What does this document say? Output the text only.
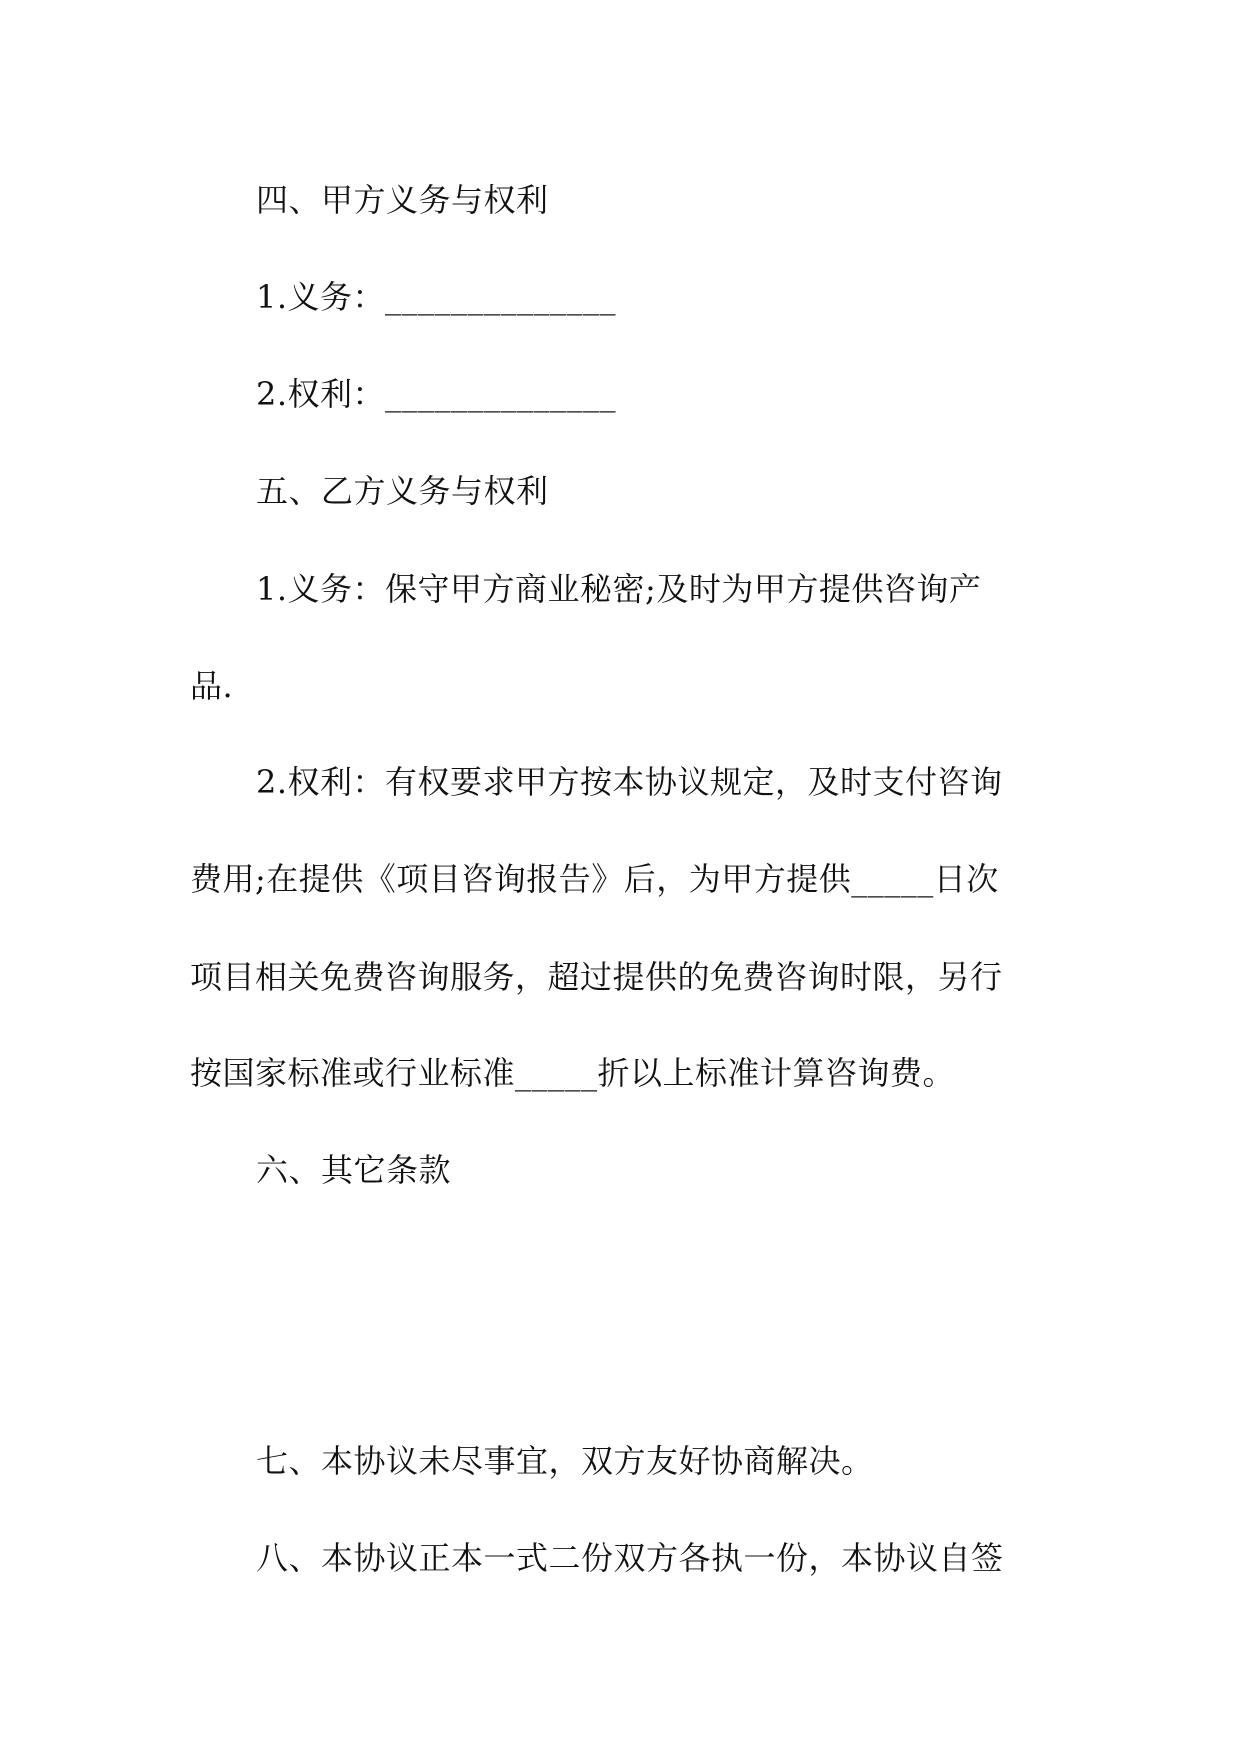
四、甲方义务与权利
1.义务：______________
2.权利：______________
五、乙方义务与权利
1.义务：保守甲方商业秘密;及时为甲方提供咨询产
品.
2.权利：有权要求甲方按本协议规定，及时支付咨询
费用;在提供《项目咨询报告》后，为甲方提供_____日次
项目相关免费咨询服务，超过提供的免费咨询时限，另行
按国家标准或行业标准_____折以上标准计算咨询费。
六、其它条款
七、本协议未尽事宜，双方友好协商解决。
八、本协议正本一式二份双方各执一份，本协议自签
